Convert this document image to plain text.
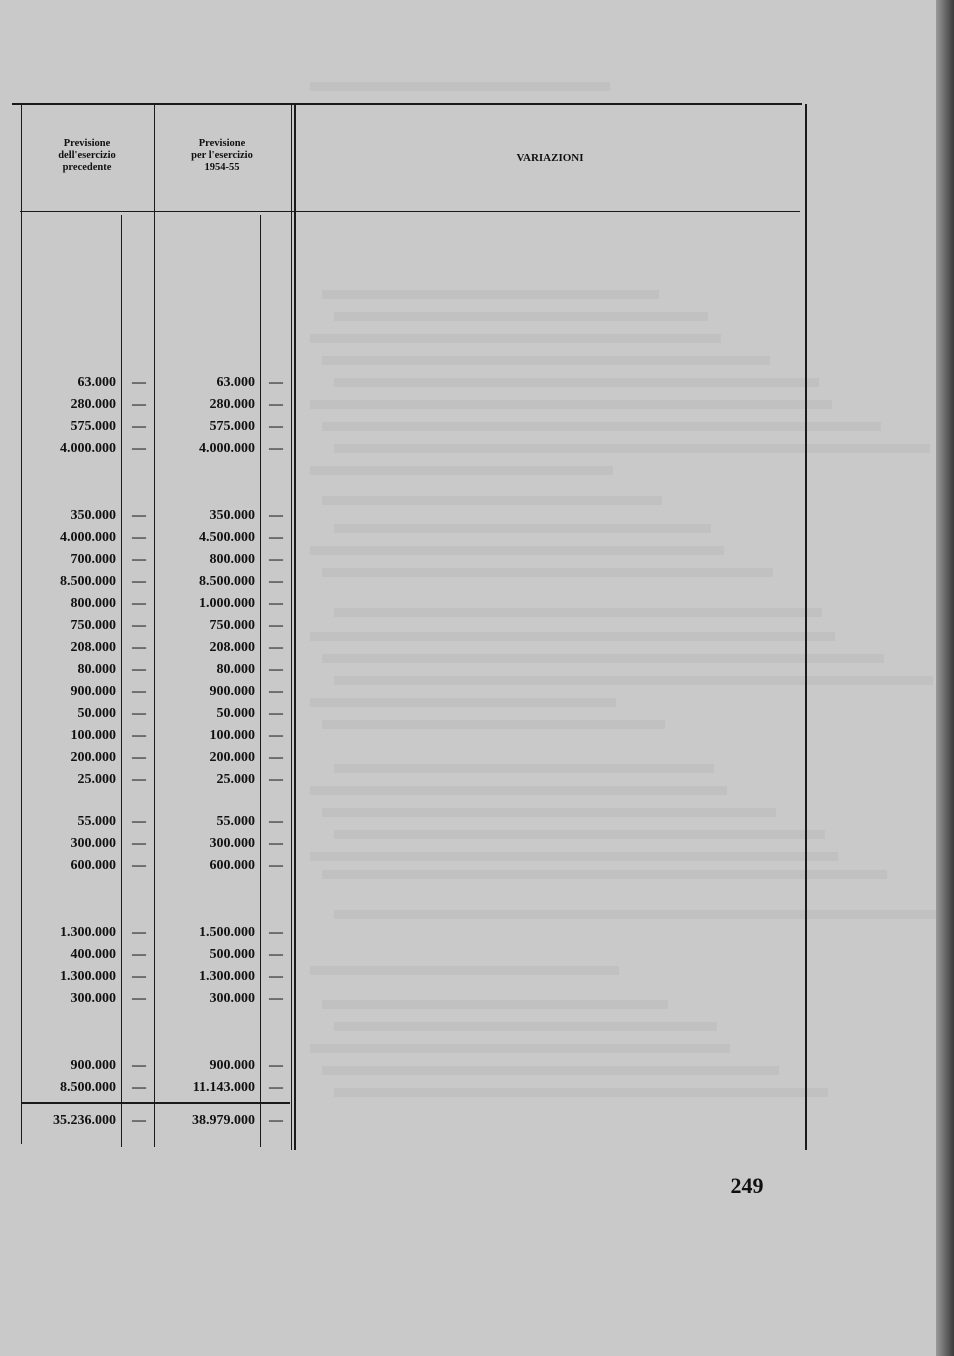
Previsione
dell'esercizio
precedente
Previsione
per l'esercizio
1954-55
VARIAZIONI
63.000 —	63.000 —
280.000 —	280.000 —
575.000 —	575.000 —
4.000.000 —	4.000.000 —
350.000 —	350.000 —
4.000.000 —	4.500.000 —
700.000 —	800.000 —
8.500.000 —	8.500.000 —
800.000 —	1.000.000 —
750.000 —	750.000 —
208.000 —	208.000 —
80.000 —	80.000 —
900.000 —	900.000 —
50.000 —	50.000 —
100.000 —	100.000 —
200.000 —	200.000 —
25.000 —	25.000 —
55.000 —	55.000 —
300.000 —	300.000 —
600.000 —	600.000 —
1.300.000 —	1.500.000 —
400.000 —	500.000 —
1.300.000 —	1.300.000 —
300.000 —	300.000 —
900.000 —	900.000 —
8.500.000 —	11.143.000 —
35.236.000 —	38.979.000 —
249
